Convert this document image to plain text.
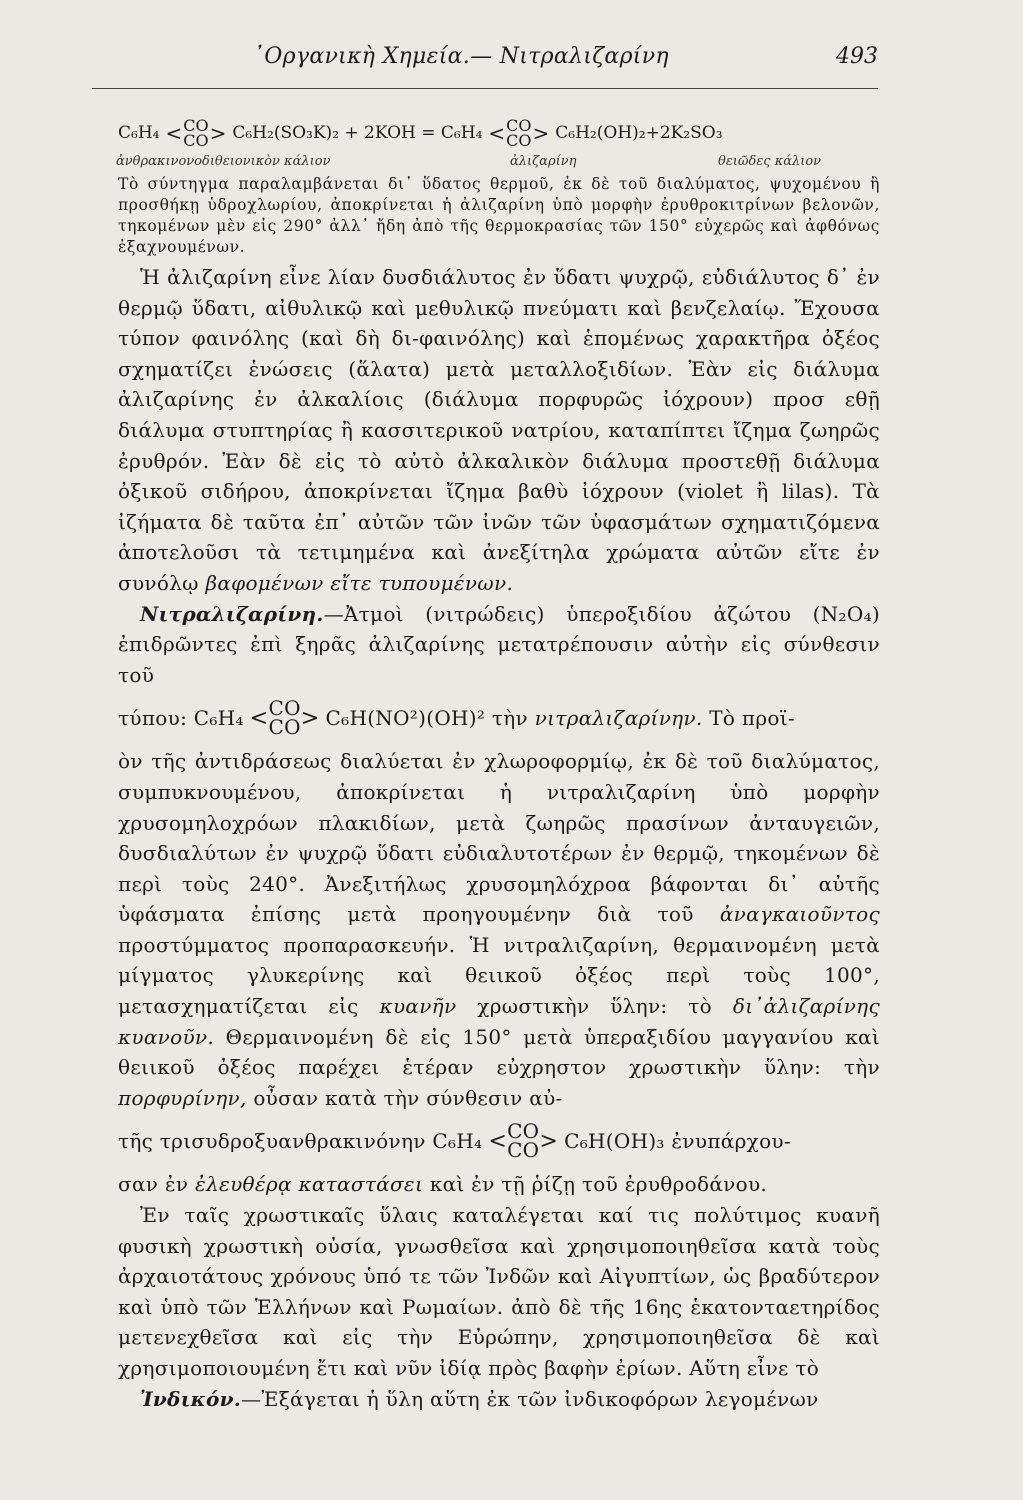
᾿Οργανικὴ Χημεία.— Νιτραλιζαρίνη	493
C₆H₄ < CO
CO > C₆H₂(SO₃K)₂ + 2KOH = C₆H₄ < CO
CO > C₆H₂(OH)₂+2K₂SO₃
ἀνθρακινονοδιθειονικὸν κάλιον	ἀλιζαρίνη	θειῶδες κάλιον

Τὸ σύντηγμα παραλαμβάνεται δι᾿ ὕδατος θερμοῦ, ἐκ δὲ τοῦ διαλύματος, ψυχομένου ἢ προσθήκῃ ὑδροχλωρίου, ἀποκρίνεται ἡ ἀλιζαρίνη ὑπὸ μορφὴν ἐρυθροκιτρίνων βελονῶν, τηκομένων μὲν εἰς 290° ἀλλ᾿ ἤδη ἀπὸ τῆς θερμοκρασίας τῶν 150° εὐχερῶς καὶ ἀφθόνως ἐξαχνουμένων.

Ἡ ἀλιζαρίνη εἶνε λίαν δυσδιάλυτος ἐν ὕδατι ψυχρῷ, εὐδιάλυτος δ᾿ ἐν θερμῷ ὕδατι, αἰθυλικῷ καὶ μεθυλικῷ πνεύματι καὶ βενζελαίῳ. Ἔχουσα τύπον φαινόλης (καὶ δὴ δι-φαινόλης) καὶ ἑπομένως χαρακτῆρα ὀξέος σχηματίζει ἑνώσεις (ἅλατα) μετὰ μεταλλοξιδίων. Ἐὰν εἰς διάλυμα ἀλιζαρίνης ἐν ἀλκαλίοις (διάλυμα πορφυρῶς ἰόχρουν) προσ εθῇ διάλυμα στυπτηρίας ἢ κασσιτερικοῦ νατρίου, καταπίπτει ἴζημα ζωηρῶς ἐρυθρόν. Ἐὰν δὲ εἰς τὸ αὐτὸ ἀλκαλικὸν διάλυμα προστεθῇ διάλυμα ὀξικοῦ σιδήρου, ἀποκρίνεται ἴζημα βαθὺ ἰόχρουν (violet ἢ lilas). Τὰ ἰζήματα δὲ ταῦτα ἐπ᾿ αὐτῶν τῶν ἰνῶν τῶν ὑφασμάτων σχηματιζόμενα ἀποτελοῦσι τὰ τετιμημένα καὶ ἀνεξίτηλα χρώματα αὐτῶν εἴτε ἐν συνόλῳ βαφομένων εἴτε τυπουμένων.

Νιτραλιζαρίνη.—Ἀτμοὶ (νιτρώδεις) ὑπεροξιδίου ἀζώτου (N₂O₄) ἐπιδρῶντες ἐπὶ ξηρᾶς ἀλιζαρίνης μετατρέπουσιν αὐτὴν εἰς σύνθεσιν τοῦ

τύπου: C₆H₄ < CO
CO > C₆H(NO²)(OH)² τὴν
νιτραλιζαρίνην.
Τὸ προϊ-

ὸν τῆς ἀντιδράσεως διαλύεται ἐν χλωροφορμίῳ, ἐκ δὲ τοῦ διαλύματος, συμπυκνουμένου, ἀποκρίνεται ἡ νιτραλιζαρίνη ὑπὸ μορφὴν χρυσομηλοχρόων πλακιδίων, μετὰ ζωηρῶς πρασίνων ἀνταυγειῶν, δυσδιαλύτων ἐν ψυχρῷ ὕδατι εὐδιαλυτοτέρων ἐν θερμῷ, τηκομένων δὲ περὶ τοὺς 240°. Ἀνεξιτήλως χρυσομηλόχροα βάφονται δι᾿ αὐτῆς ὑφάσματα ἐπίσης μετὰ προηγουμένην διὰ τοῦ ἀναγκαιοῦντος προστύμματος προπαρασκευήν. Ἡ νιτραλιζαρίνη, θερμαινομένη μετὰ μίγματος γλυκερίνης καὶ θειικοῦ ὀξέος περὶ τοὺς 100°, μετασχηματίζεται εἰς κυανῆν χρωστικὴν ὕλην: τὸ δι᾿ἀλιζαρίνης κυανοῦν. Θερμαινομένη δὲ εἰς 150° μετὰ ὑπεραξιδίου μαγγανίου καὶ θειικοῦ ὀξέος παρέχει ἑτέραν εὐχρηστον χρωστικὴν ὕλην: τὴν πορφυρίνην, οὖσαν κατὰ τὴν σύνθεσιν αὐ-

τῆς τρισυδροξυανθρακινόνην C₆H₄ < CO
CO > C₆H(OH)₃ ἐνυπάρχου-

σαν ἐν ἐλευθέρᾳ καταστάσει καὶ ἐν τῇ ῥίζῃ τοῦ ἐρυθροδάνου.

Ἐν ταῖς χρωστικαῖς ὕλαις καταλέγεται καί τις πολύτιμος κυανῆ φυσικὴ χρωστικὴ οὐσία, γνωσθεῖσα καὶ χρησιμοποιηθεῖσα κατὰ τοὺς ἀρχαιοτάτους χρόνους ὑπό τε τῶν Ἰνδῶν καὶ Αἰγυπτίων, ὡς βραδύτερον καὶ ὑπὸ τῶν Ἑλλήνων καὶ Ρωμαίων. ἀπὸ δὲ τῆς 16ης ἑκατονταετηρίδος μετενεχθεῖσα καὶ εἰς τὴν Εὐρώπην, χρησιμοποιηθεῖσα δὲ καὶ χρησιμοποιουμένη ἔτι καὶ νῦν ἰδίᾳ πρὸς βαφὴν ἐρίων. Αὕτη εἶνε τὸ

Ἰνδικόν.—Ἐξάγεται ἡ ὕλη αὕτη ἐκ τῶν ἰνδικοφόρων λεγομένων
